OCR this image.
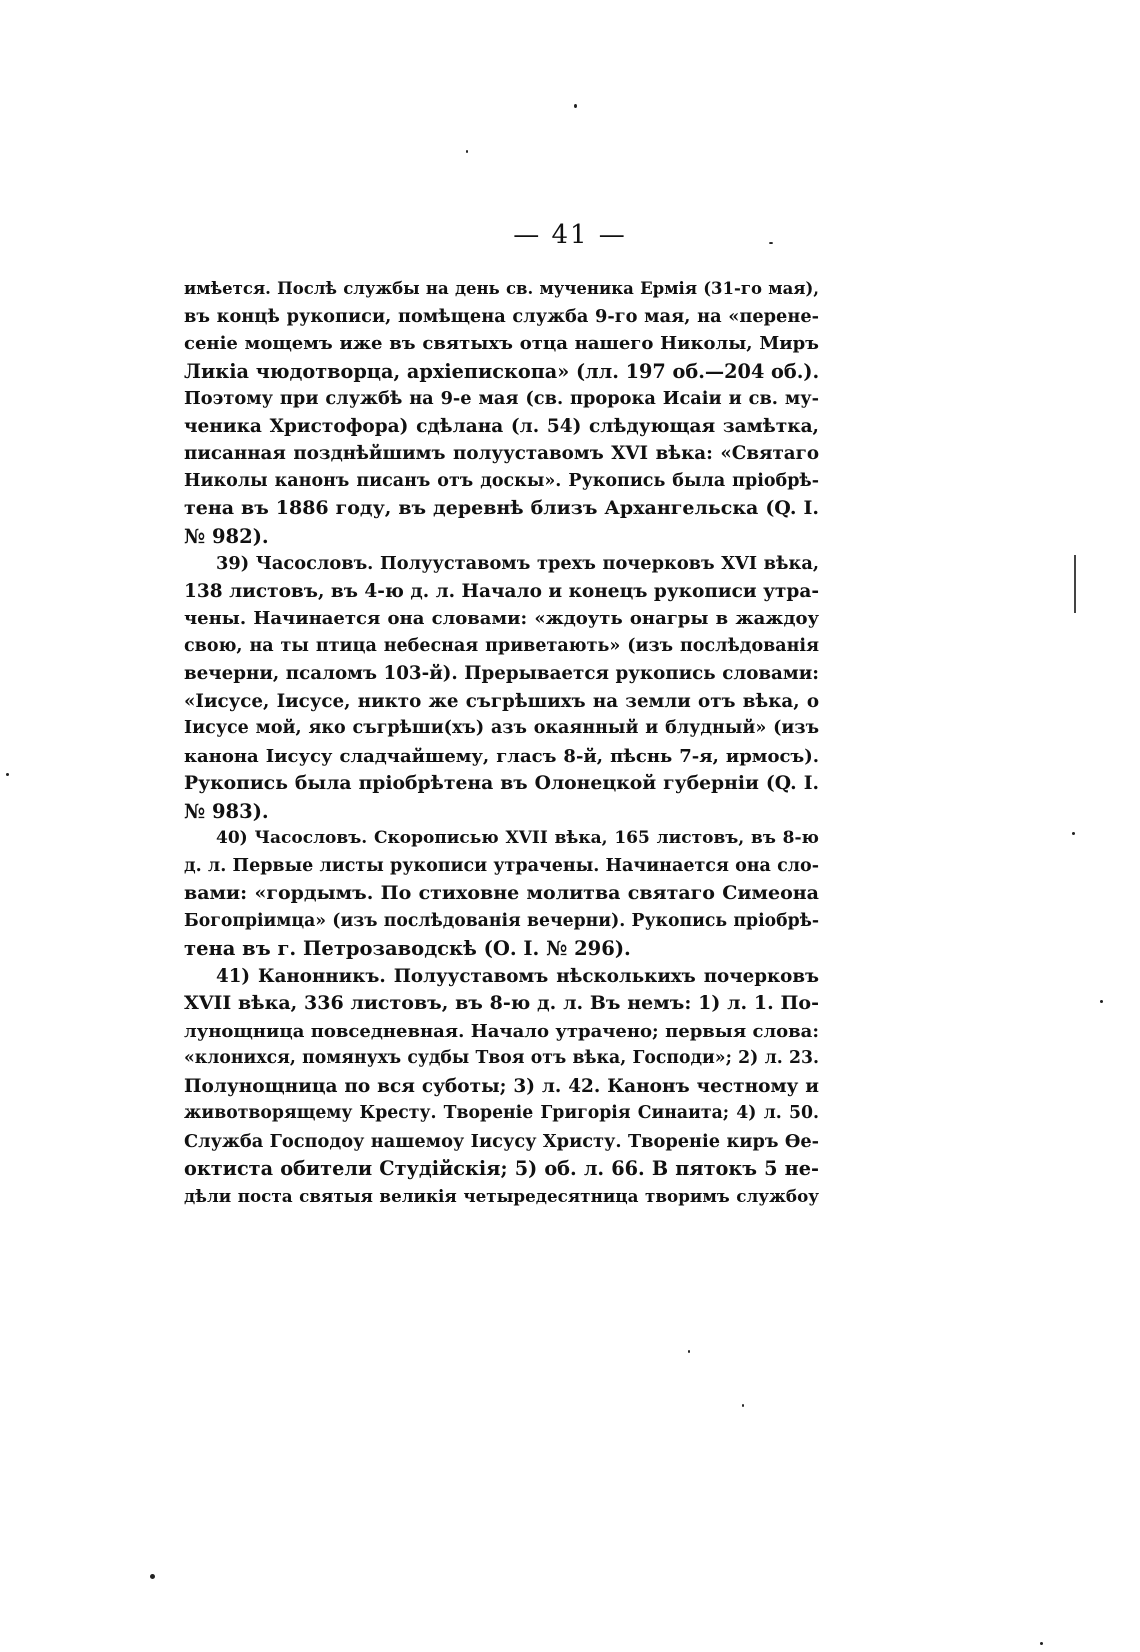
— 41 —
имѣется. Послѣ службы на день св. мученика Ермія (31-го мая),
въ концѣ рукописи, помѣщена служба 9-го мая, на «перене-
сеніе мощемъ иже въ святыхъ отца нашего Николы, Миръ
Ликіа чюдотворца, архіепископа» (лл. 197 об.—204 об.).
Поэтому при службѣ на 9-е мая (св. пророка Исаіи и св. му-
ченика Христофора) сдѣлана (л. 54) слѣдующая замѣтка,
писанная позднѣйшимъ полууставомъ XVI вѣка: «Святаго
Николы канонъ писанъ отъ доскы». Рукопись была пріобрѣ-
тена въ 1886 году, въ деревнѣ близъ Архангельска (Q. I.
№ 982).
39) Часословъ. Полууставомъ трехъ почерковъ XVI вѣка,
138 листовъ, въ 4-ю д. л. Начало и конецъ рукописи утра-
чены. Начинается она словами: «ждоуть онагры в жаждоу
свою, на ты птица небесная приветають» (изъ послѣдованія
вечерни, псаломъ 103-й). Прерывается рукопись словами:
«Іисусе, Іисусе, никто же съгрѣшихъ на земли отъ вѣка, о
Іисусе мой, яко съгрѣши(хъ) азъ окаянный и блудный» (изъ
канона Іисусу сладчайшему, гласъ 8-й, пѣснь 7-я, ирмосъ).
Рукопись была пріобрѣтена въ Олонецкой губерніи (Q. I.
№ 983).
40) Часословъ. Скорописью XVII вѣка, 165 листовъ, въ 8-ю
д. л. Первые листы рукописи утрачены. Начинается она сло-
вами: «гордымъ. По стиховне молитва святаго Симеона
Богопріимца» (изъ послѣдованія вечерни). Рукопись пріобрѣ-
тена въ г. Петрозаводскѣ (О. I. № 296).
41) Канонникъ. Полууставомъ нѣсколькихъ почерковъ
XVII вѣка, 336 листовъ, въ 8-ю д. л. Въ немъ: 1) л. 1. По-
лунощница повседневная. Начало утрачено; первыя слова:
«клонихся, помянухъ судбы Твоя отъ вѣка, Господи»; 2) л. 23.
Полунощница по вся суботы; 3) л. 42. Канонъ честному и
животворящему Кресту. Твореніе Григорія Синаита; 4) л. 50.
Служба Господоу нашемоу Іисусу Христу. Твореніе киръ Ѳе-
октиста обители Студійскія; 5) об. л. 66. В пятокъ 5 не-
дѣли поста святыя великія четыредесятница творимъ службоу
